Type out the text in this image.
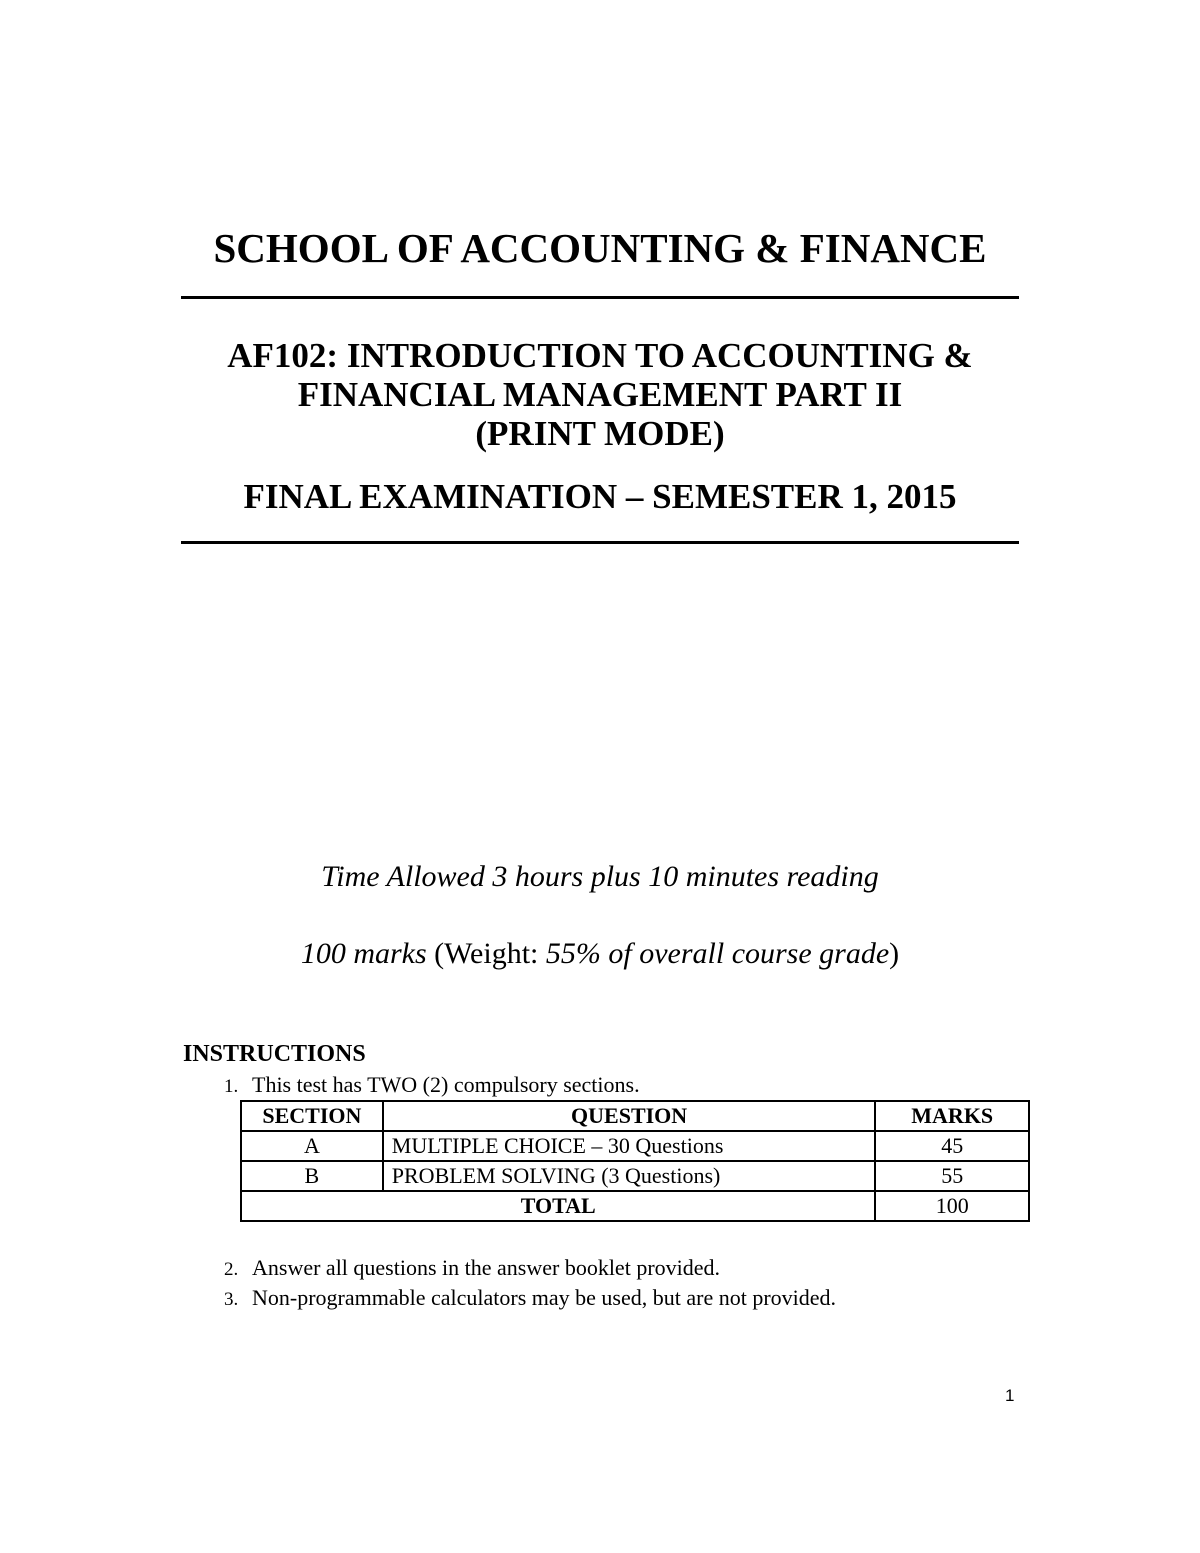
SCHOOL OF ACCOUNTING & FINANCE
AF102: INTRODUCTION TO ACCOUNTING &
FINANCIAL MANAGEMENT PART II
(PRINT MODE)
FINAL EXAMINATION – SEMESTER 1, 2015
Time Allowed 3 hours plus 10 minutes reading
100 marks (Weight: 55% of overall course grade)
INSTRUCTIONS
1. This test has TWO (2) compulsory sections.
SECTION	QUESTION	MARKS
A	MULTIPLE CHOICE – 30 Questions	45
B	PROBLEM SOLVING (3 Questions)	55
TOTAL		100
2. Answer all questions in the answer booklet provided.
3. Non-programmable calculators may be used, but are not provided.
1
